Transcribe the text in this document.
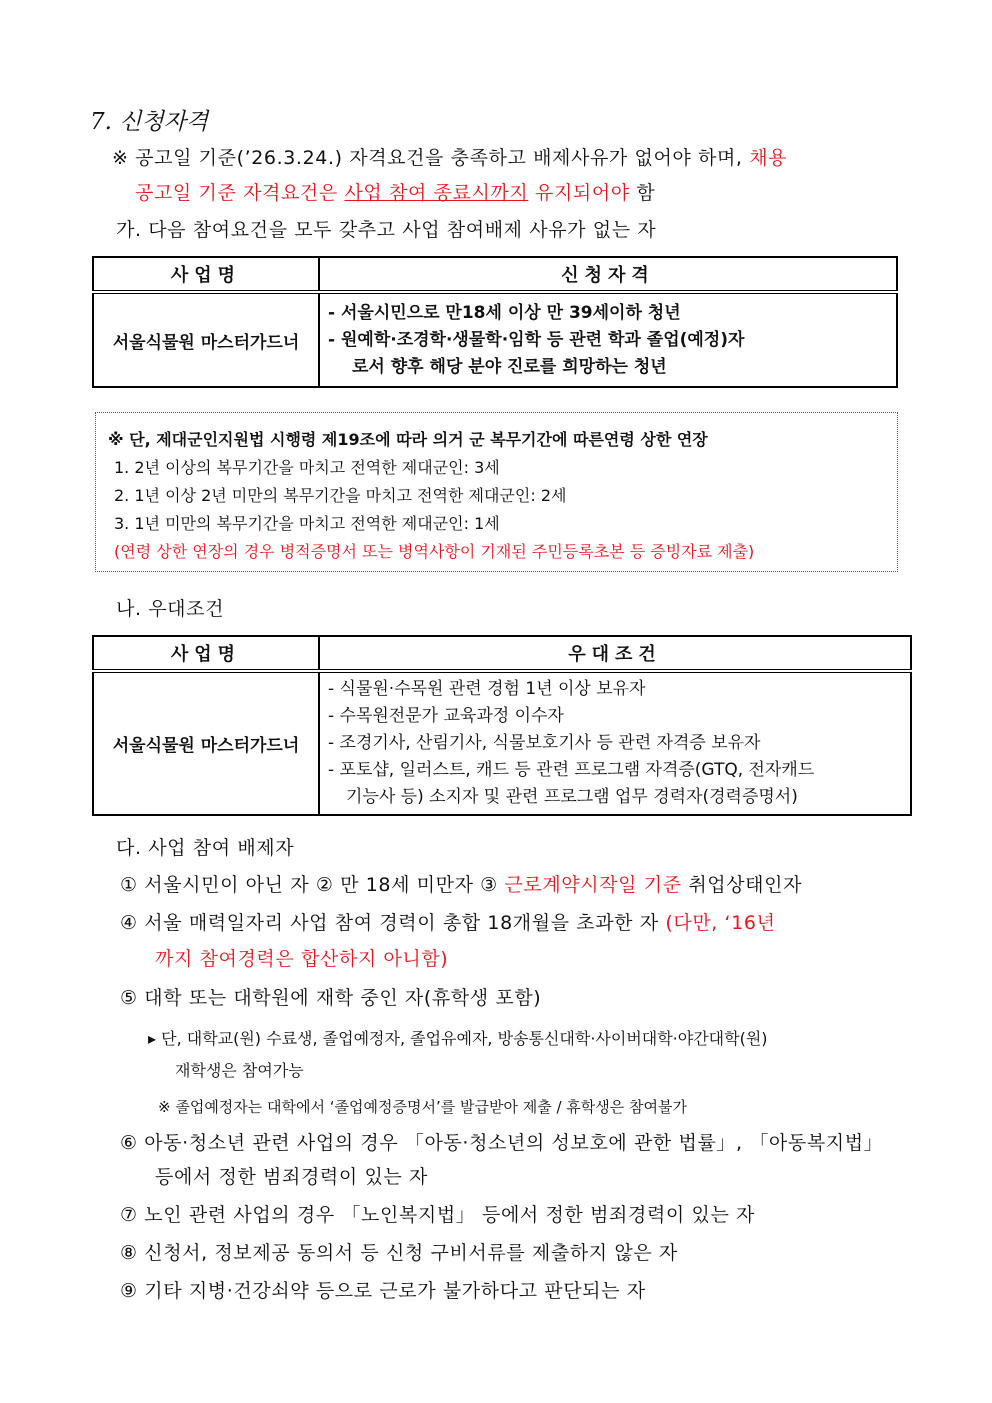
7. 신청자격
※ 공고일 기준(’26.3.24.) 자격요건을 충족하고 배제사유가 없어야 하며, 채용
공고일 기준 자격요건은 사업 참여 종료시까지 유지되어야 함
가. 다음 참여요건을 모두 갖추고 사업 참여배제 사유가 없는 자
사업명	신청자격
서울식물원 마스터가드너	- 서울시민으로 만18세 이상 만 39세이하 청년
- 원예학·조경학·생물학·임학 등 관련 학과 졸업(예정)자
로서 향후 해당 분야 진로를 희망하는 청년
※ 단, 제대군인지원법 시행령 제19조에 따라 의거 군 복무기간에 따른연령 상한 연장
1. 2년 이상의 복무기간을 마치고 전역한 제대군인: 3세
2. 1년 이상 2년 미만의 복무기간을 마치고 전역한 제대군인: 2세
3. 1년 미만의 복무기간을 마치고 전역한 제대군인: 1세
(연령 상한 연장의 경우 병적증명서 또는 병역사항이 기재된 주민등록초본 등 증빙자료 제출)
나. 우대조건
사업명	우대조건
서울식물원 마스터가드너	- 식물원·수목원 관련 경험 1년 이상 보유자
- 수목원전문가 교육과정 이수자
- 조경기사, 산림기사, 식물보호기사 등 관련 자격증 보유자
- 포토샵, 일러스트, 캐드 등 관련 프로그램 자격증(GTQ, 전자캐드
기능사 등) 소지자 및 관련 프로그램 업무 경력자(경력증명서)
다. 사업 참여 배제자
① 서울시민이 아닌 자 ② 만 18세 미만자 ③ 근로계약시작일 기준 취업상태인자
④ 서울 매력일자리 사업 참여 경력이 총합 18개월을 초과한 자 (다만, ‘16년
까지 참여경력은 합산하지 아니함)
⑤ 대학 또는 대학원에 재학 중인 자(휴학생 포함)
▸ 단, 대학교(원) 수료생, 졸업예정자, 졸업유예자, 방송통신대학·사이버대학·야간대학(원)
재학생은 참여가능
※ 졸업예정자는 대학에서 ‘졸업예정증명서’를 발급받아 제출 / 휴학생은 참여불가
⑥ 아동·청소년 관련 사업의 경우 「아동·청소년의 성보호에 관한 법률」, 「아동복지법」
등에서 정한 범죄경력이 있는 자
⑦ 노인 관련 사업의 경우 「노인복지법」 등에서 정한 범죄경력이 있는 자
⑧ 신청서, 정보제공 동의서 등 신청 구비서류를 제출하지 않은 자
⑨ 기타 지병·건강쇠약 등으로 근로가 불가하다고 판단되는 자
